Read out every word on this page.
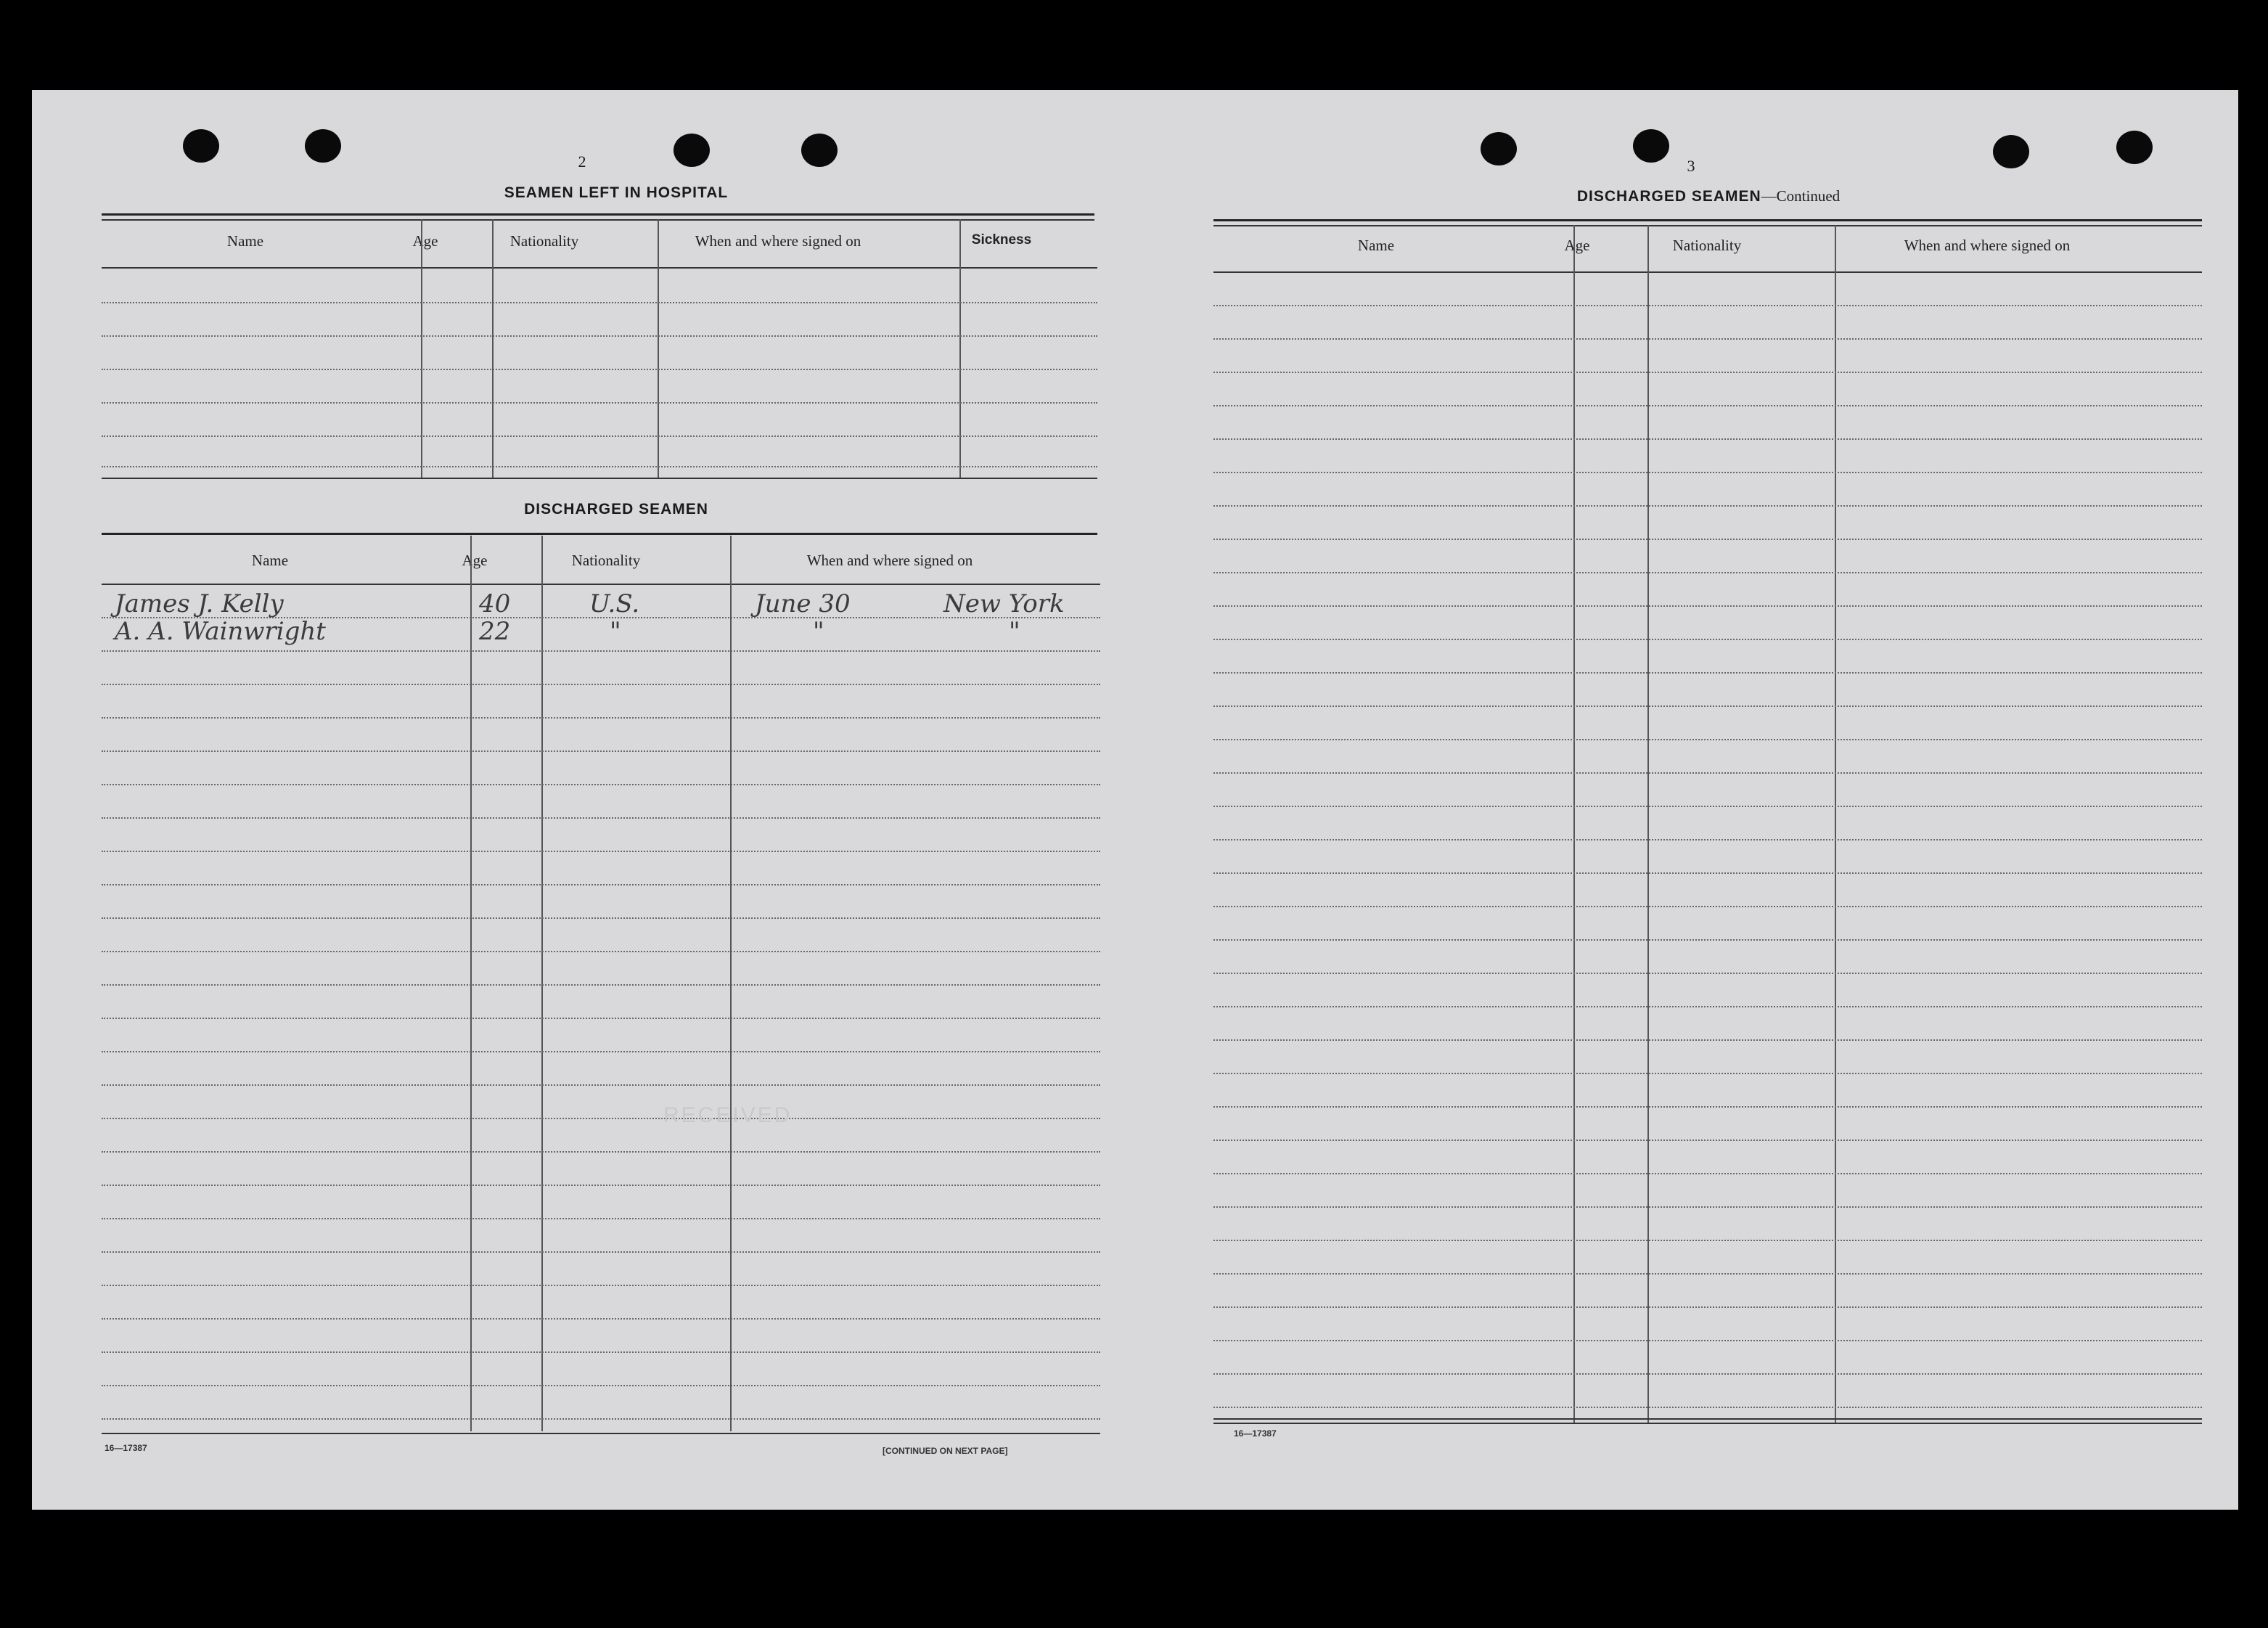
2
SEAMEN LEFT IN HOSPITAL
Name	Age	Nationality	When and where signed on	Sickness
DISCHARGED SEAMEN
Name	Age	Nationality	When and where signed on
James J. Kelly	40	U.S.	June 30	New York
A. A. Wainwright	22	"	"	"
RECEIVED
16—17387	[CONTINUED ON NEXT PAGE]
3
DISCHARGED SEAMEN—Continued
Name	Age	Nationality	When and where signed on
16—17387
